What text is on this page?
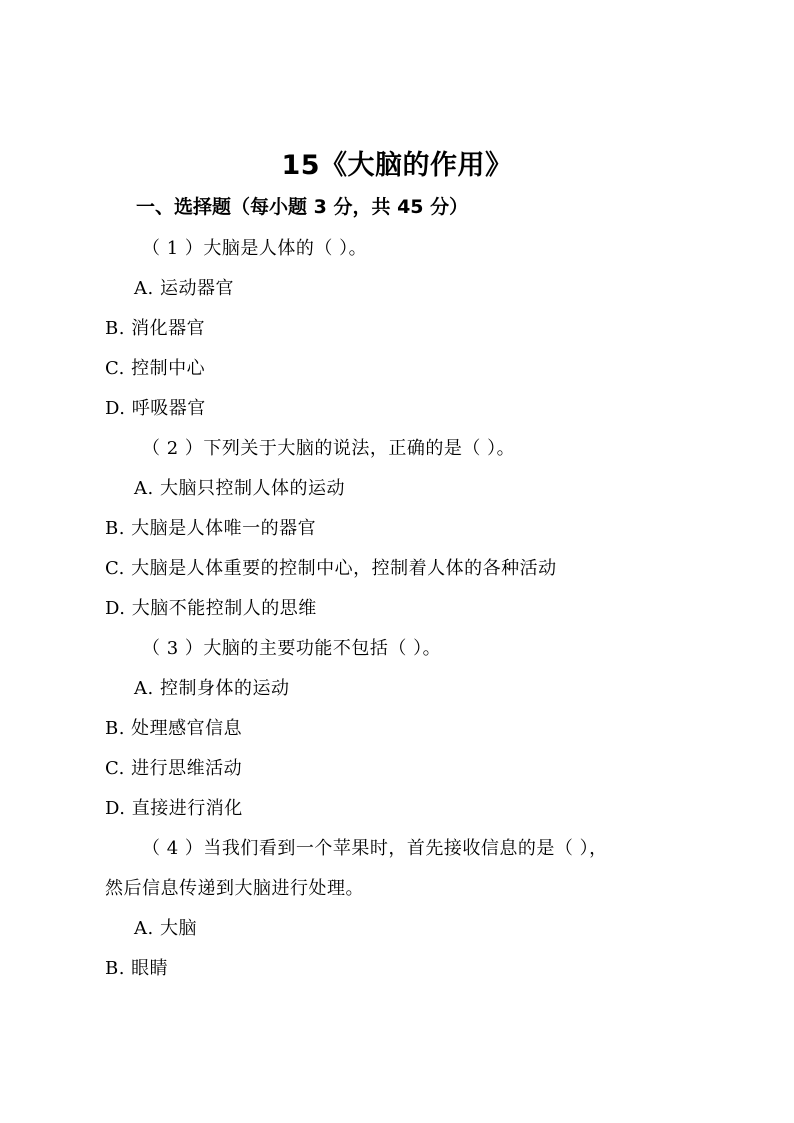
15《大脑的作用》
一、选择题（每小题 3 分，共 45 分）
（ 1 ）大脑是人体的（ ）。
A. 运动器官
B. 消化器官
C. 控制中心
D. 呼吸器官
（ 2 ）下列关于大脑的说法，正确的是（ ）。
A. 大脑只控制人体的运动
B. 大脑是人体唯一的器官
C. 大脑是人体重要的控制中心，控制着人体的各种活动
D. 大脑不能控制人的思维
（ 3 ）大脑的主要功能不包括（ ）。
A. 控制身体的运动
B. 处理感官信息
C. 进行思维活动
D. 直接进行消化
（ 4 ）当我们看到一个苹果时，首先接收信息的是（ ），
然后信息传递到大脑进行处理。
A. 大脑
B. 眼睛
